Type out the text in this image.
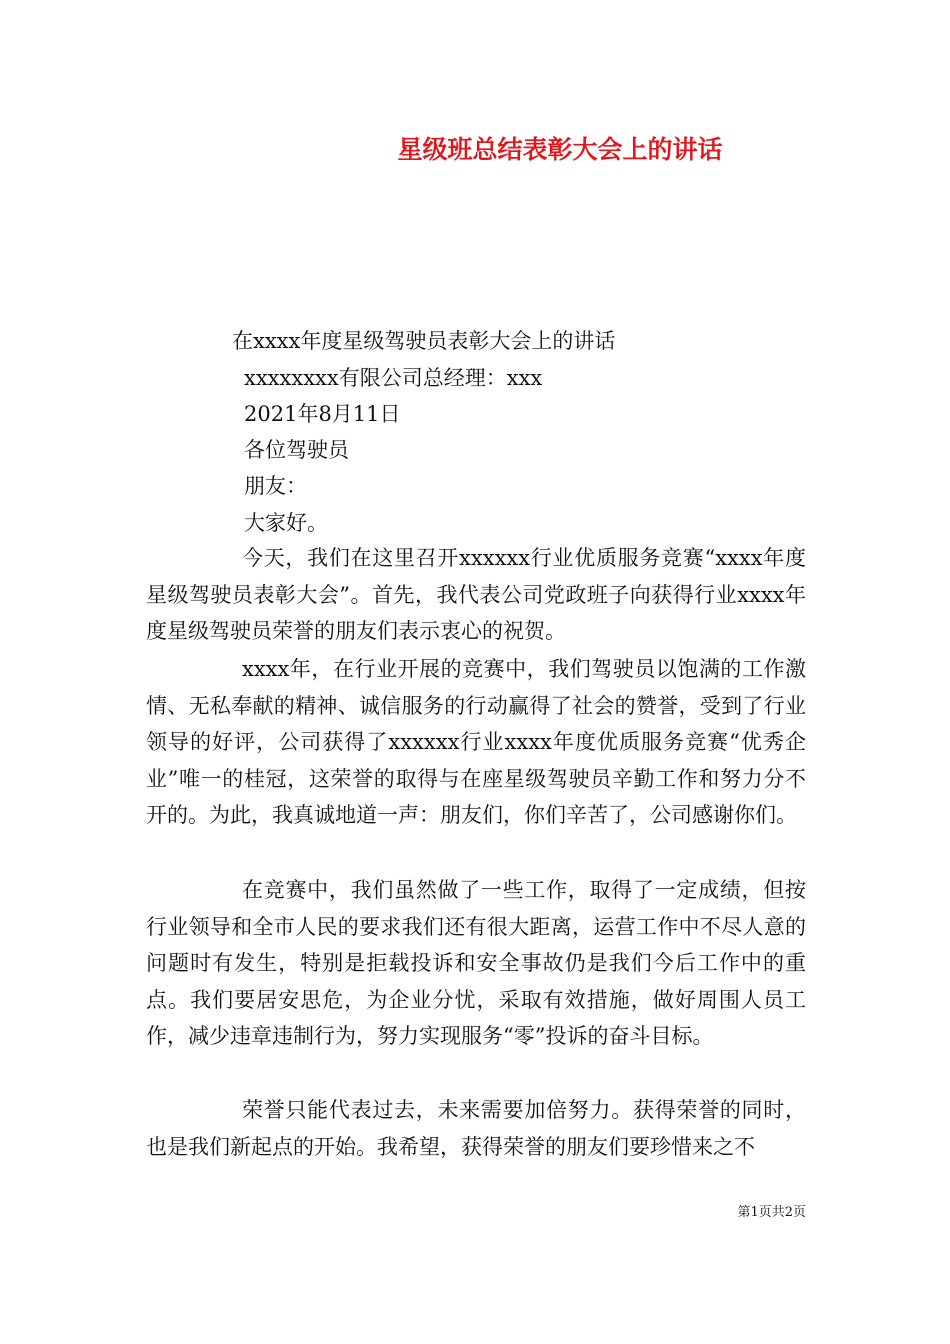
星级班总结表彰大会上的讲话
在xxxx年度星级驾驶员表彰大会上的讲话
xxxxxxxx有限公司总经理：xxx
2021年8月11日
各位驾驶员
朋友：
大家好。

今天，我们在这里召开xxxxxx行业优质服务竞赛“xxxx年度星级驾驶员表彰大会”。首先，我代表公司党政班子向获得行业xxxx年度星级驾驶员荣誉的朋友们表示衷心的祝贺。

xxxx年，在行业开展的竞赛中，我们驾驶员以饱满的工作激情、无私奉献的精神、诚信服务的行动赢得了社会的赞誉，受到了行业领导的好评，公司获得了xxxxxx行业xxxx年度优质服务竞赛“优秀企业”唯一的桂冠，这荣誉的取得与在座星级驾驶员辛勤工作和努力分不开的。为此，我真诚地道一声：朋友们，你们辛苦了，公司感谢你们。

在竞赛中，我们虽然做了一些工作，取得了一定成绩，但按行业领导和全市人民的要求我们还有很大距离，运营工作中不尽人意的问题时有发生，特别是拒载投诉和安全事故仍是我们今后工作中的重点。我们要居安思危，为企业分忧，采取有效措施，做好周围人员工作，减少违章违制行为，努力实现服务“零”投诉的奋斗目标。

荣誉只能代表过去，未来需要加倍努力。获得荣誉的同时，也是我们新起点的开始。我希望，获得荣誉的朋友们要珍惜来之不

第1页共2页
